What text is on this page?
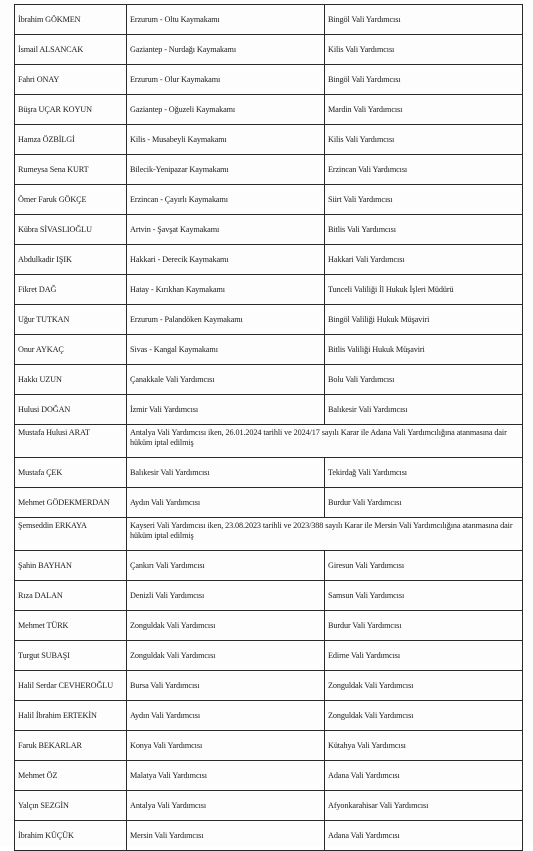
İbrahim GÖKMEN	Erzurum - Oltu Kaymakamı	Bingöl Vali Yardımcısı
İsmail ALSANCAK	Gaziantep - Nurdağı Kaymakamı	Kilis Vali Yardımcısı
Fahri ONAY	Erzurum - Olur Kaymakamı	Bingöl Vali Yardımcısı
Büşra UÇAR KOYUN	Gaziantep - Oğuzeli Kaymakamı	Mardin Vali Yardımcısı
Hamza ÖZBİLGİ	Kilis - Musabeyli Kaymakamı	Kilis Vali Yardımcısı
Rumeysa Sena KURT	Bilecik-Yenipazar Kaymakamı	Erzincan Vali Yardımcısı
Ömer Faruk GÖKÇE	Erzincan - Çayırlı Kaymakamı	Siirt Vali Yardımcısı
Kübra SİVASLIOĞLU	Artvin - Şavşat Kaymakamı	Bitlis Vali Yardımcısı
Abdulkadir IŞIK	Hakkari - Derecik Kaymakamı	Hakkari Vali Yardımcısı
Fikret DAĞ	Hatay - Kırıkhan Kaymakamı	Tunceli Valiliği İl Hukuk İşleri Müdürü
Uğur TUTKAN	Erzurum - Palandöken Kaymakamı	Bingöl Valiliği Hukuk Müşaviri
Onur AYKAÇ	Sivas - Kangal Kaymakamı	Bitlis Valiliği Hukuk Müşaviri
Hakkı UZUN	Çanakkale Vali Yardımcısı	Bolu Vali Yardımcısı
Hulusi DOĞAN	İzmir Vali Yardımcısı	Balıkesir Vali Yardımcısı
Mustafa Hulusi ARAT	Antalya Vali Yardımcısı iken, 26.01.2024 tarihli ve 2024/17 sayılı Karar ile Adana Vali Yardımcılığına atanmasına dair hüküm iptal edilmiş	
Mustafa ÇEK	Balıkesir Vali Yardımcısı	Tekirdağ Vali Yardımcısı
Mehmet GÖDEKMERDAN	Aydın Vali Yardımcısı	Burdur Vali Yardımcısı
Şemseddin ERKAYA	Kayseri Vali Yardımcısı iken, 23.08.2023 tarihli ve 2023/388 sayılı Karar ile Mersin Vali Yardımcılığına atanmasına dair hüküm iptal edilmiş	
Şahin BAYHAN	Çankırı Vali Yardımcısı	Giresun Vali Yardımcısı
Rıza DALAN	Denizli Vali Yardımcısı	Samsun Vali Yardımcısı
Mehmet TÜRK	Zonguldak Vali Yardımcısı	Burdur Vali Yardımcısı
Turgut SUBAŞI	Zonguldak Vali Yardımcısı	Edirne Vali Yardımcısı
Halil Serdar CEVHEROĞLU	Bursa Vali Yardımcısı	Zonguldak Vali Yardımcısı
Halil İbrahim ERTEKİN	Aydın Vali Yardımcısı	Zonguldak Vali Yardımcısı
Faruk BEKARLAR	Konya Vali Yardımcısı	Kütahya Vali Yardımcısı
Mehmet ÖZ	Malatya Vali Yardımcısı	Adana Vali Yardımcısı
Yalçın SEZGİN	Antalya Vali Yardımcısı	Afyonkarahisar Vali Yardımcısı
İbrahim KÜÇÜK	Mersin Vali Yardımcısı	Adana Vali Yardımcısı
